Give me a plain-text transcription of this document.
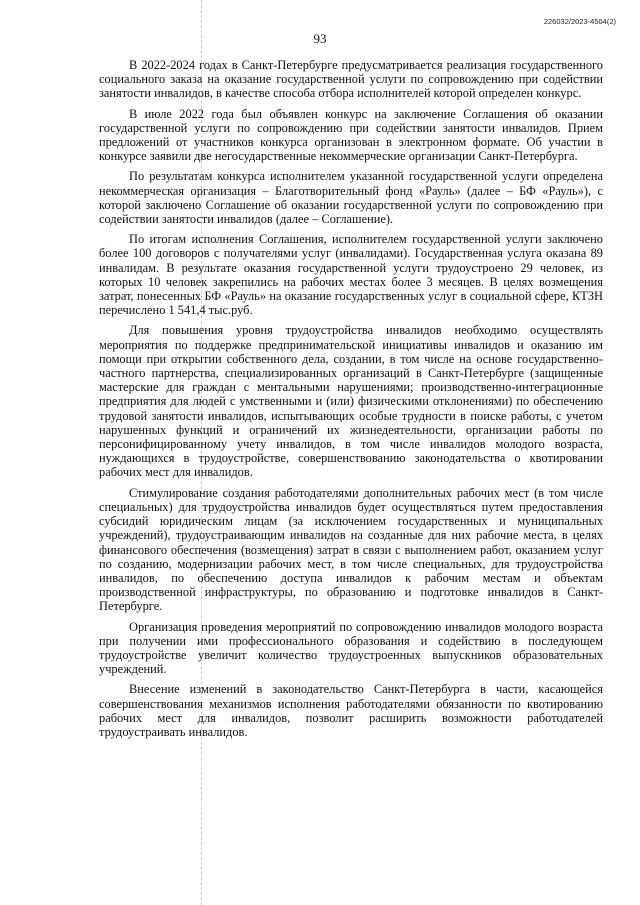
226032/2023-4504(2)
93

В 2022-2024 годах в Санкт-Петербурге предусматривается реализация государственного социального заказа на оказание государственной услуги по сопровождению при содействии занятости инвалидов, в качестве способа отбора исполнителей которой определен конкурс.

В июле 2022 года был объявлен конкурс на заключение Соглашения об оказании государственной услуги по сопровождению при содействии занятости инвалидов. Прием предложений от участников конкурса организован в электронном формате. Об участии в конкурсе заявили две негосударственные некоммерческие организации Санкт-Петербурга.

По результатам конкурса исполнителем указанной государственной услуги определена некоммерческая организация – Благотворительный фонд «Рауль» (далее – БФ «Рауль»), с которой заключено Соглашение об оказании государственной услуги по сопровождению при содействии занятости инвалидов (далее – Соглашение).

По итогам исполнения Соглашения, исполнителем государственной услуги заключено более 100 договоров с получателями услуг (инвалидами). Государственная услуга оказана 89 инвалидам. В результате оказания государственной услуги трудоустроено 29 человек, из которых 10 человек закрепились на рабочих местах более 3 месяцев. В целях возмещения затрат, понесенных БФ «Рауль» на оказание государственных услуг в социальной сфере, КТЗН перечислено 1 541,4 тыс.руб.

Для повышения уровня трудоустройства инвалидов необходимо осуществлять мероприятия по поддержке предпринимательской инициативы инвалидов и оказанию им помощи при открытии собственного дела, создании, в том числе на основе государственно-частного партнерства, специализированных организаций в Санкт-Петербурге (защищенные мастерские для граждан с ментальными нарушениями; производственно-интеграционные предприятия для людей с умственными и (или) физическими отклонениями) по обеспечению трудовой занятости инвалидов, испытывающих особые трудности в поиске работы, с учетом нарушенных функций и ограничений их жизнедеятельности, организации работы по персонифицированному учету инвалидов, в том числе инвалидов молодого возраста, нуждающихся в трудоустройстве, совершенствованию законодательства о квотировании рабочих мест для инвалидов.

Стимулирование создания работодателями дополнительных рабочих мест (в том числе специальных) для трудоустройства инвалидов будет осуществляться путем предоставления субсидий юридическим лицам (за исключением государственных и муниципальных учреждений), трудоустраивающим инвалидов на созданные для них рабочие места, в целях финансового обеспечения (возмещения) затрат в связи с выполнением работ, оказанием услуг по созданию, модернизации рабочих мест, в том числе специальных, для трудоустройства инвалидов, по обеспечению доступа инвалидов к рабочим местам и объектам производственной инфраструктуры, по образованию и подготовке инвалидов в Санкт-Петербурге.

Организация проведения мероприятий по сопровождению инвалидов молодого возраста при получении ими профессионального образования и содействию в последующем трудоустройстве увеличит количество трудоустроенных выпускников образовательных учреждений.

Внесение изменений в законодательство Санкт-Петербурга в части, касающейся совершенствования механизмов исполнения работодателями обязанности по квотированию рабочих мест для инвалидов, позволит расширить возможности работодателей трудоустраивать инвалидов.
